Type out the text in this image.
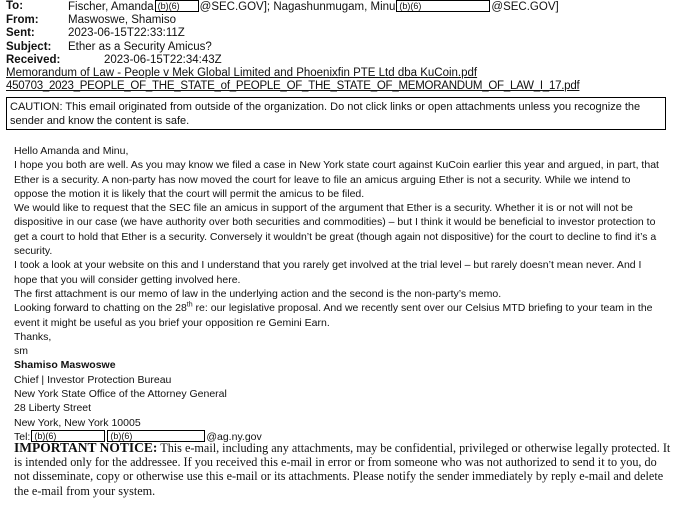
To:	Fischer, Amanda (b)(6) @SEC.GOV]; Nagashunmugam, Minu (b)(6)	@SEC.GOV]
From:	Maswoswe, Shamiso
Sent:	2023-06-15T22:33:11Z
Subject:	Ether as a Security Amicus?
Received:	2023-06-15T22:34:43Z
Memorandum of Law - People v Mek Global Limited and Phoenixfin PTE Ltd dba KuCoin.pdf
450703_2023_PEOPLE_OF_THE_STATE_of_PEOPLE_OF_THE_STATE_OF_MEMORANDUM_OF_LAW_I_17.pdf
CAUTION: This email originated from outside of the organization. Do not click links or open attachments unless you recognize the sender and know the content is safe.

Hello Amanda and Minu,

I hope you both are well. As you may know we filed a case in New York state court against KuCoin earlier this year and argued, in part, that Ether is a security. A non-party has now moved the court for leave to file an amicus arguing Ether is not a security. While we intend to oppose the motion it is likely that the court will permit the amicus to be filed.

We would like to request that the SEC file an amicus in support of the argument that Ether is a security. Whether it is or not will not be dispositive in our case (we have authority over both securities and commodities) – but I think it would be beneficial to investor protection to get a court to hold that Ether is a security. Conversely it wouldn’t be great (though again not dispositive) for the court to decline to find it’s a security.

I took a look at your website on this and I understand that you rarely get involved at the trial level – but rarely doesn’t mean never. And I hope that you will consider getting involved here.

The first attachment is our memo of law in the underlying action and the second is the non-party’s memo.

Looking forward to chatting on the 28th re: our legislative proposal. And we recently sent over our Celsius MTD briefing to your team in the event it might be useful as you brief your opposition re Gemini Earn.

Thanks,

sm

Shamiso Maswoswe

Chief | Investor Protection Bureau

New York State Office of the Attorney General

28 Liberty Street

New York, New York 10005

Tel: (b)(6)	(b)(6)	@ag.ny.gov

IMPORTANT NOTICE: This e-mail, including any attachments, may be confidential, privileged or otherwise legally protected. It is intended only for the addressee. If you received this e-mail in error or from someone who was not authorized to send it to you, do not disseminate, copy or otherwise use this e-mail or its attachments. Please notify the sender immediately by reply e-mail and delete the e-mail from your system.
